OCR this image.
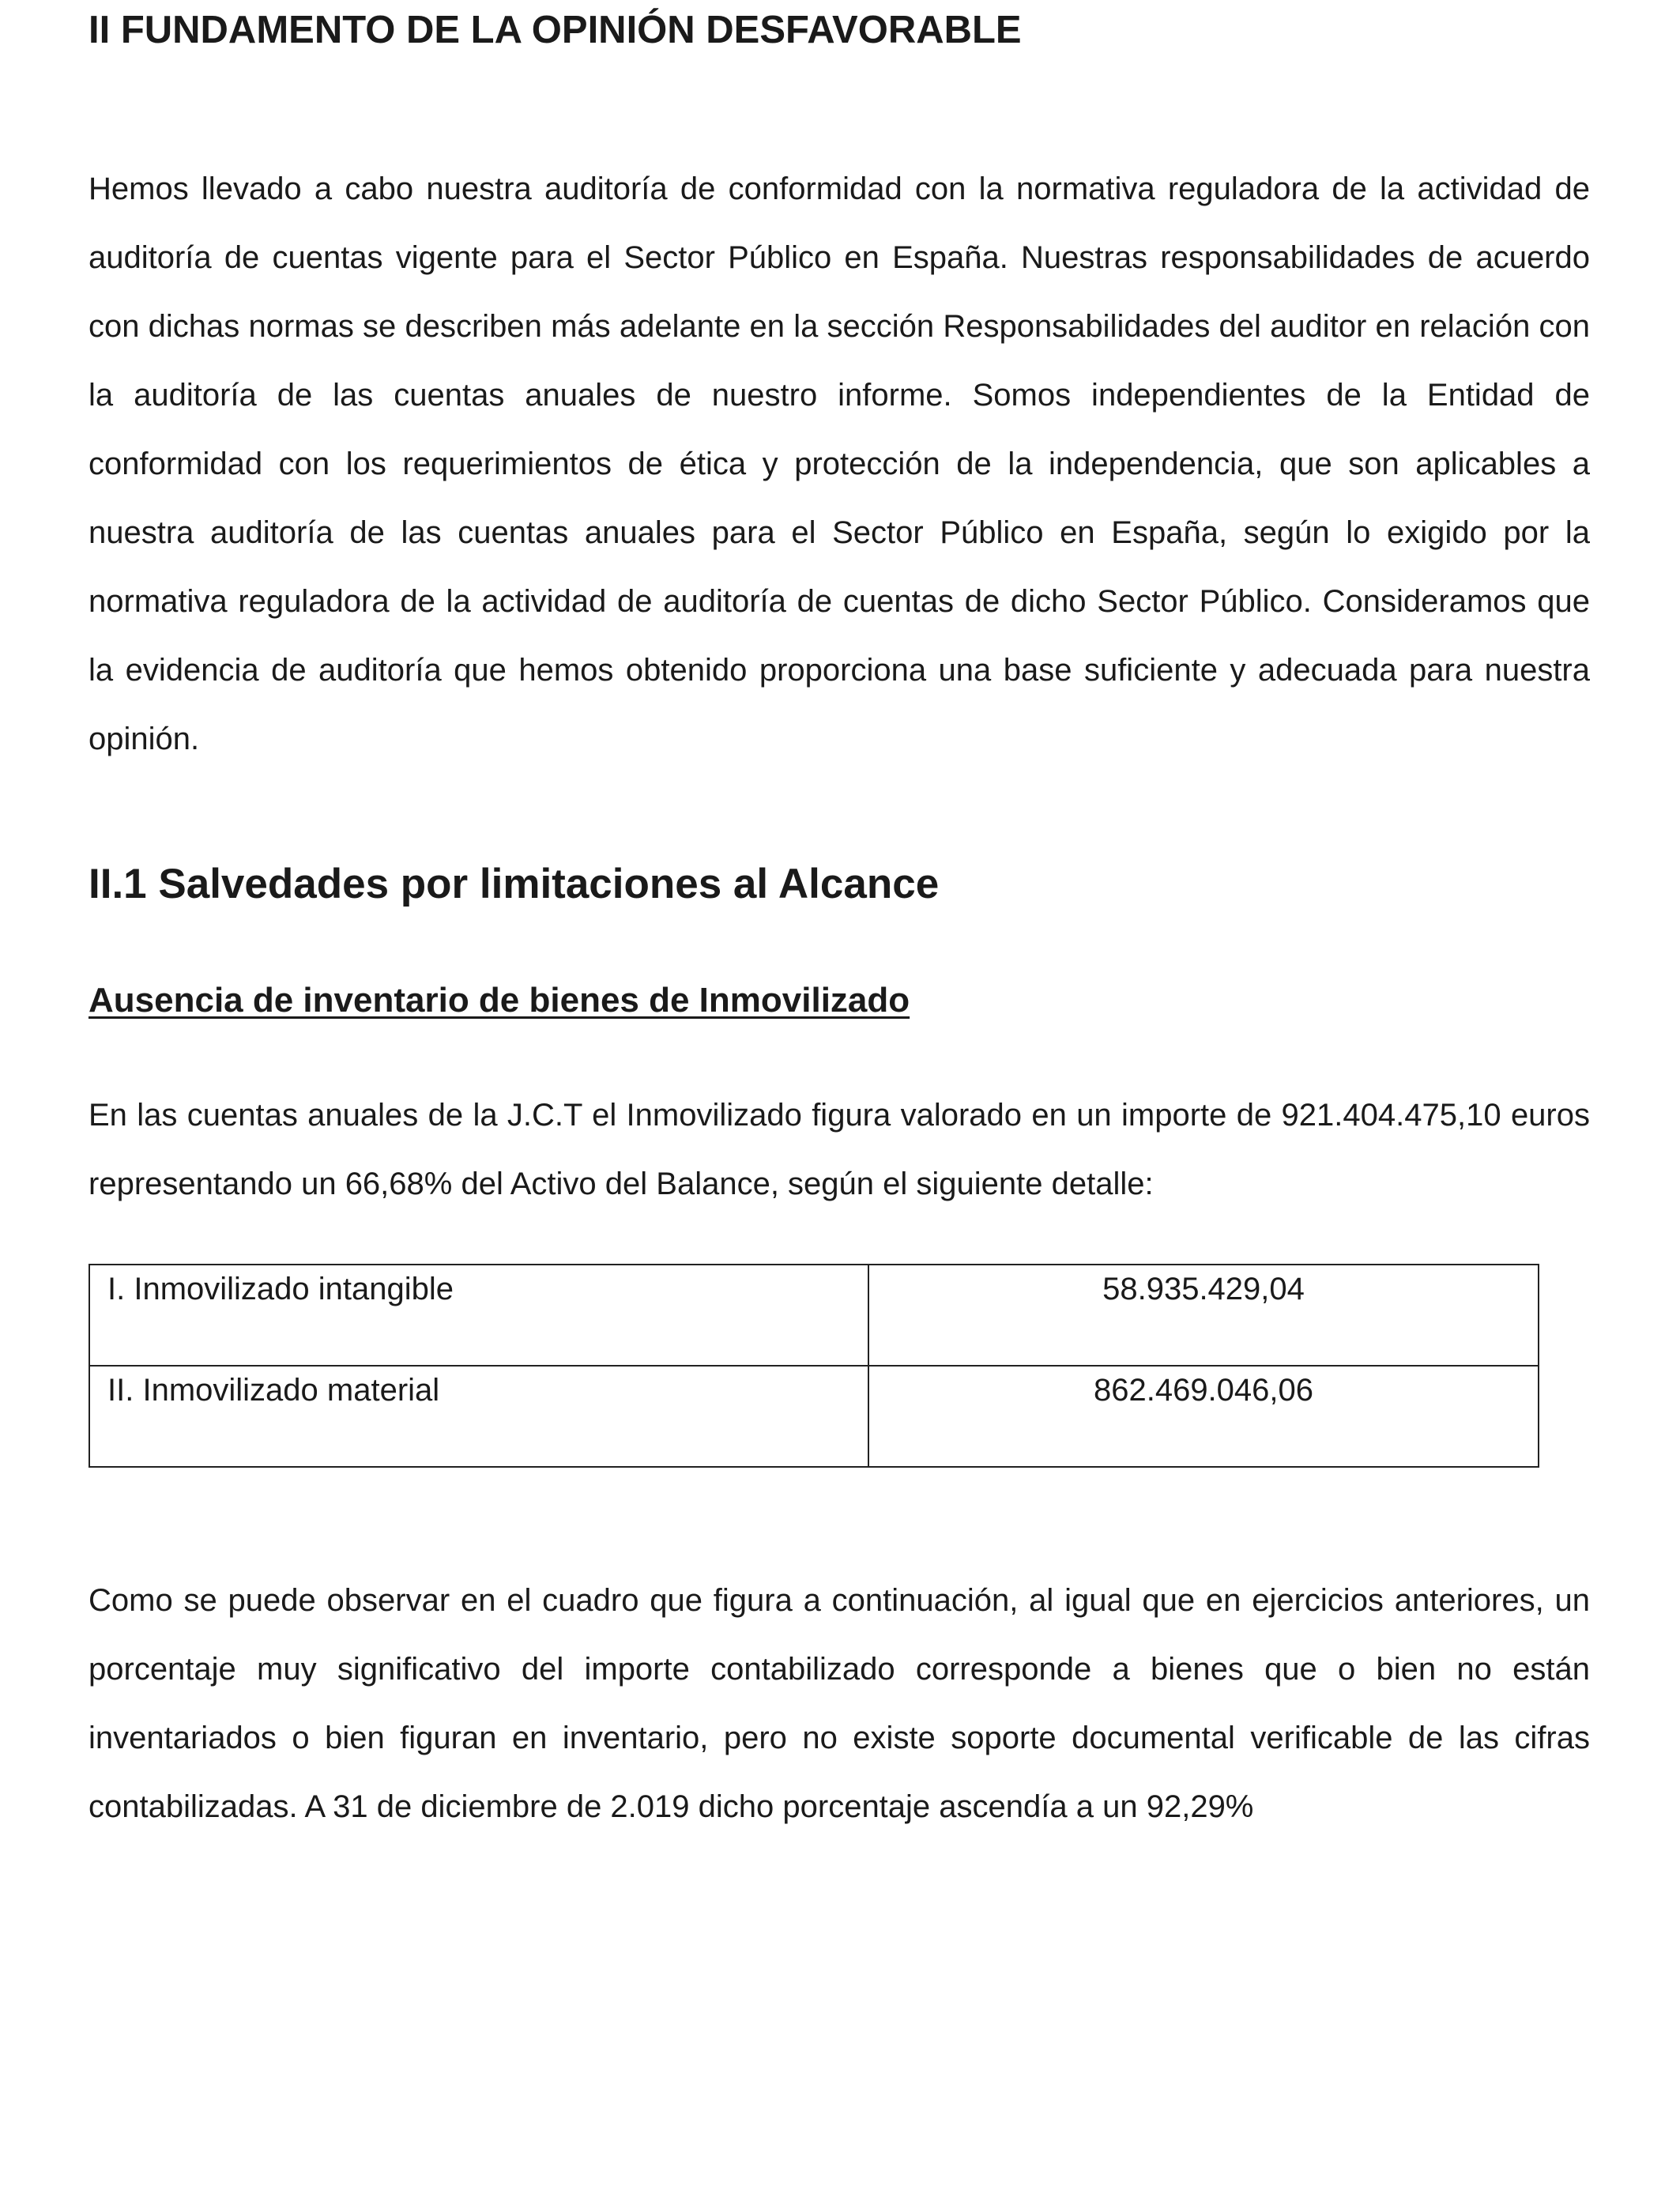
II FUNDAMENTO DE LA OPINIÓN DESFAVORABLE

Hemos llevado a cabo nuestra auditoría de conformidad con la normativa reguladora de la actividad de auditoría de cuentas vigente para el Sector Público en España. Nuestras responsabilidades de acuerdo con dichas normas se describen más adelante en la sección Responsabilidades del auditor en relación con la auditoría de las cuentas anuales de nuestro informe. Somos independientes de la Entidad de conformidad con los requerimientos de ética y protección de la independencia, que son aplicables a nuestra auditoría de las cuentas anuales para el Sector Público en España, según lo exigido por la normativa reguladora de la actividad de auditoría de cuentas de dicho Sector Público. Consideramos que la evidencia de auditoría que hemos obtenido proporciona una base suficiente y adecuada para nuestra opinión.

II.1 Salvedades por limitaciones al Alcance
Ausencia de inventario de bienes de Inmovilizado

En las cuentas anuales de la J.C.T el Inmovilizado figura valorado en un importe de 921.404.475,10 euros representando un 66,68% del Activo del Balance, según el siguiente detalle:

I. Inmovilizado intangible	58.935.429,04
II. Inmovilizado material	862.469.046,06

Como se puede observar en el cuadro que figura a continuación, al igual que en ejercicios anteriores, un porcentaje muy significativo del importe contabilizado corresponde a bienes que o bien no están inventariados o bien figuran en inventario, pero no existe soporte documental verificable de las cifras contabilizadas. A 31 de diciembre de 2.019 dicho porcentaje ascendía a un 92,29%
